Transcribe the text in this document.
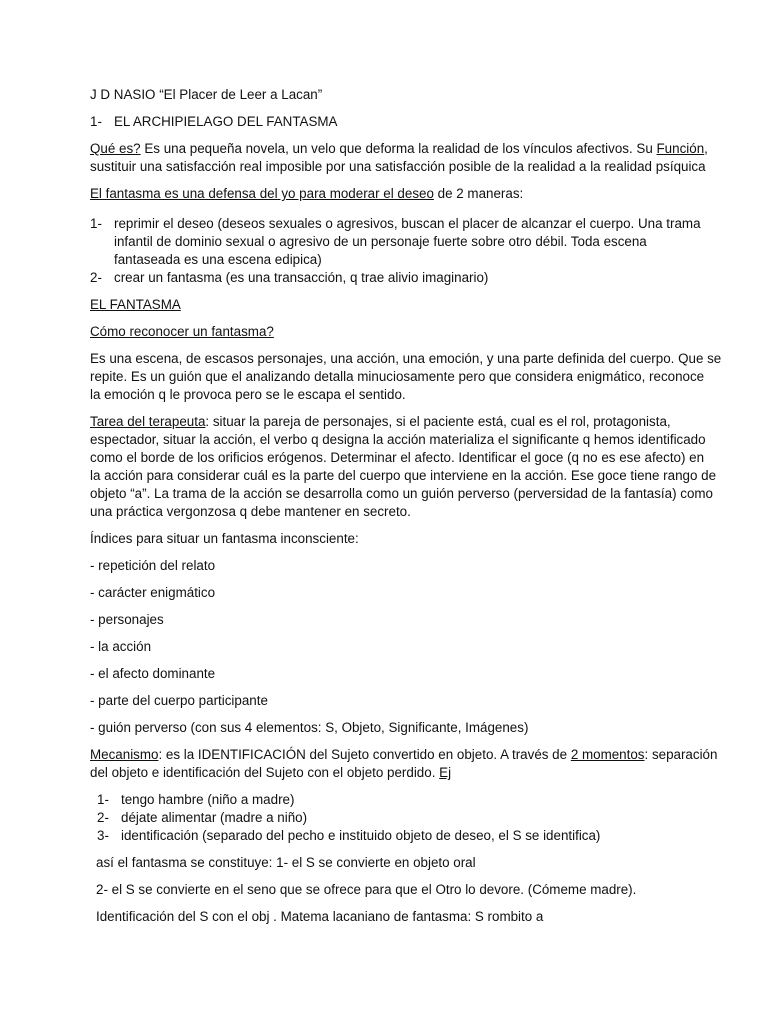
J D NASIO “El Placer de Leer a Lacan”
1- EL ARCHIPIELAGO DEL FANTASMA
Qué es? Es una pequeña novela, un velo que deforma la realidad de los vínculos afectivos. Su Función,
sustituir una satisfacción real imposible por una satisfacción posible de la realidad a la realidad psíquica
El fantasma es una defensa del yo para moderar el deseo de 2 maneras:
1- reprimir el deseo (deseos sexuales o agresivos, buscan el placer de alcanzar el cuerpo. Una trama
infantil de dominio sexual o agresivo de un personaje fuerte sobre otro débil. Toda escena
fantaseada es una escena edipica)
2- crear un fantasma (es una transacción, q trae alivio imaginario)
EL FANTASMA
Cómo reconocer un fantasma?
Es una escena, de escasos personajes, una acción, una emoción, y una parte definida del cuerpo. Que se
repite. Es un guión que el analizando detalla minuciosamente pero que considera enigmático, reconoce
la emoción q le provoca pero se le escapa el sentido.
Tarea del terapeuta: situar la pareja de personajes, si el paciente está, cual es el rol, protagonista,
espectador, situar la acción, el verbo q designa la acción materializa el significante q hemos identificado
como el borde de los orificios erógenos. Determinar el afecto. Identificar el goce (q no es ese afecto) en
la acción para considerar cuál es la parte del cuerpo que interviene en la acción. Ese goce tiene rango de
objeto “a”. La trama de la acción se desarrolla como un guión perverso (perversidad de la fantasía) como
una práctica vergonzosa q debe mantener en secreto.
Índices para situar un fantasma inconsciente:
- repetición del relato
- carácter enigmático
- personajes
- la acción
- el afecto dominante
- parte del cuerpo participante
- guión perverso (con sus 4 elementos: S, Objeto, Significante, Imágenes)
Mecanismo: es la IDENTIFICACIÓN del Sujeto convertido en objeto. A través de 2 momentos: separación
del objeto e identificación del Sujeto con el objeto perdido. Ej
1- tengo hambre (niño a madre)
2- déjate alimentar (madre a niño)
3- identificación (separado del pecho e instituido objeto de deseo, el S se identifica)
así el fantasma se constituye: 1- el S se convierte en objeto oral
2- el S se convierte en el seno que se ofrece para que el Otro lo devore. (Cómeme madre).
Identificación del S con el obj . Matema lacaniano de fantasma: S rombito a
